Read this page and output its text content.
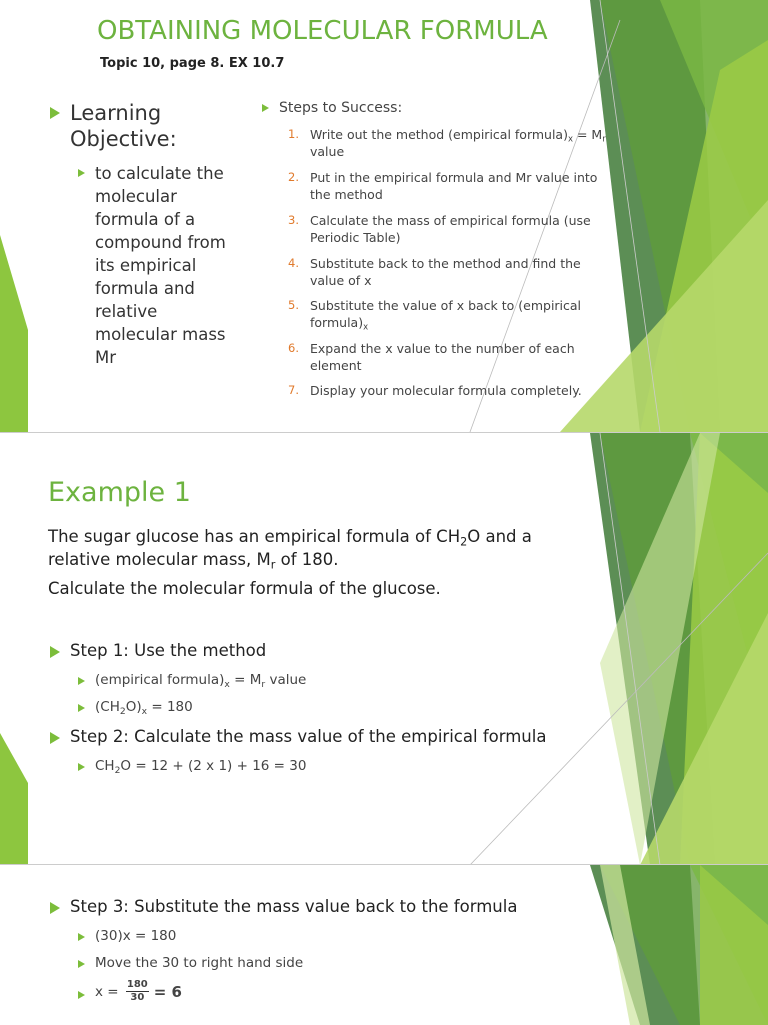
OBTAINING MOLECULAR FORMULA
Topic 10, page 8. EX 10.7
Learning Objective:
to calculate the molecular formula of a compound from its empirical formula and relative molecular mass Mr
Steps to Success:
1. Write out the method (empirical $formula)_x = M_r$ value
2. Put in the empirical formula and Mr value into the method
3. Calculate the mass of empirical formula (use Periodic Table)
4. Substitute back to the method and find the value of x
5. Substitute the value of x back to (empirical $formula)_x$
6. Expand the x value to the number of each element
7. Display your molecular formula completely.
Example 1
The sugar glucose has an empirical formula of $CH_2O$ and a relative molecular mass, $M_r$ of 180.
Calculate the molecular formula of the glucose.
Step 1: Use the method
(empirical $formula)_x = M_r$ value
$(CH_2O)_x = 180$
Step 2: Calculate the mass value of the empirical formula
$CH_2O = 12 + (2$ x 1) + 16 = 30
Step 3: Substitute the mass value back to the formula
(30)x = 180
Move the 30 to right hand side
$x = \frac{180}{30} = 6$
